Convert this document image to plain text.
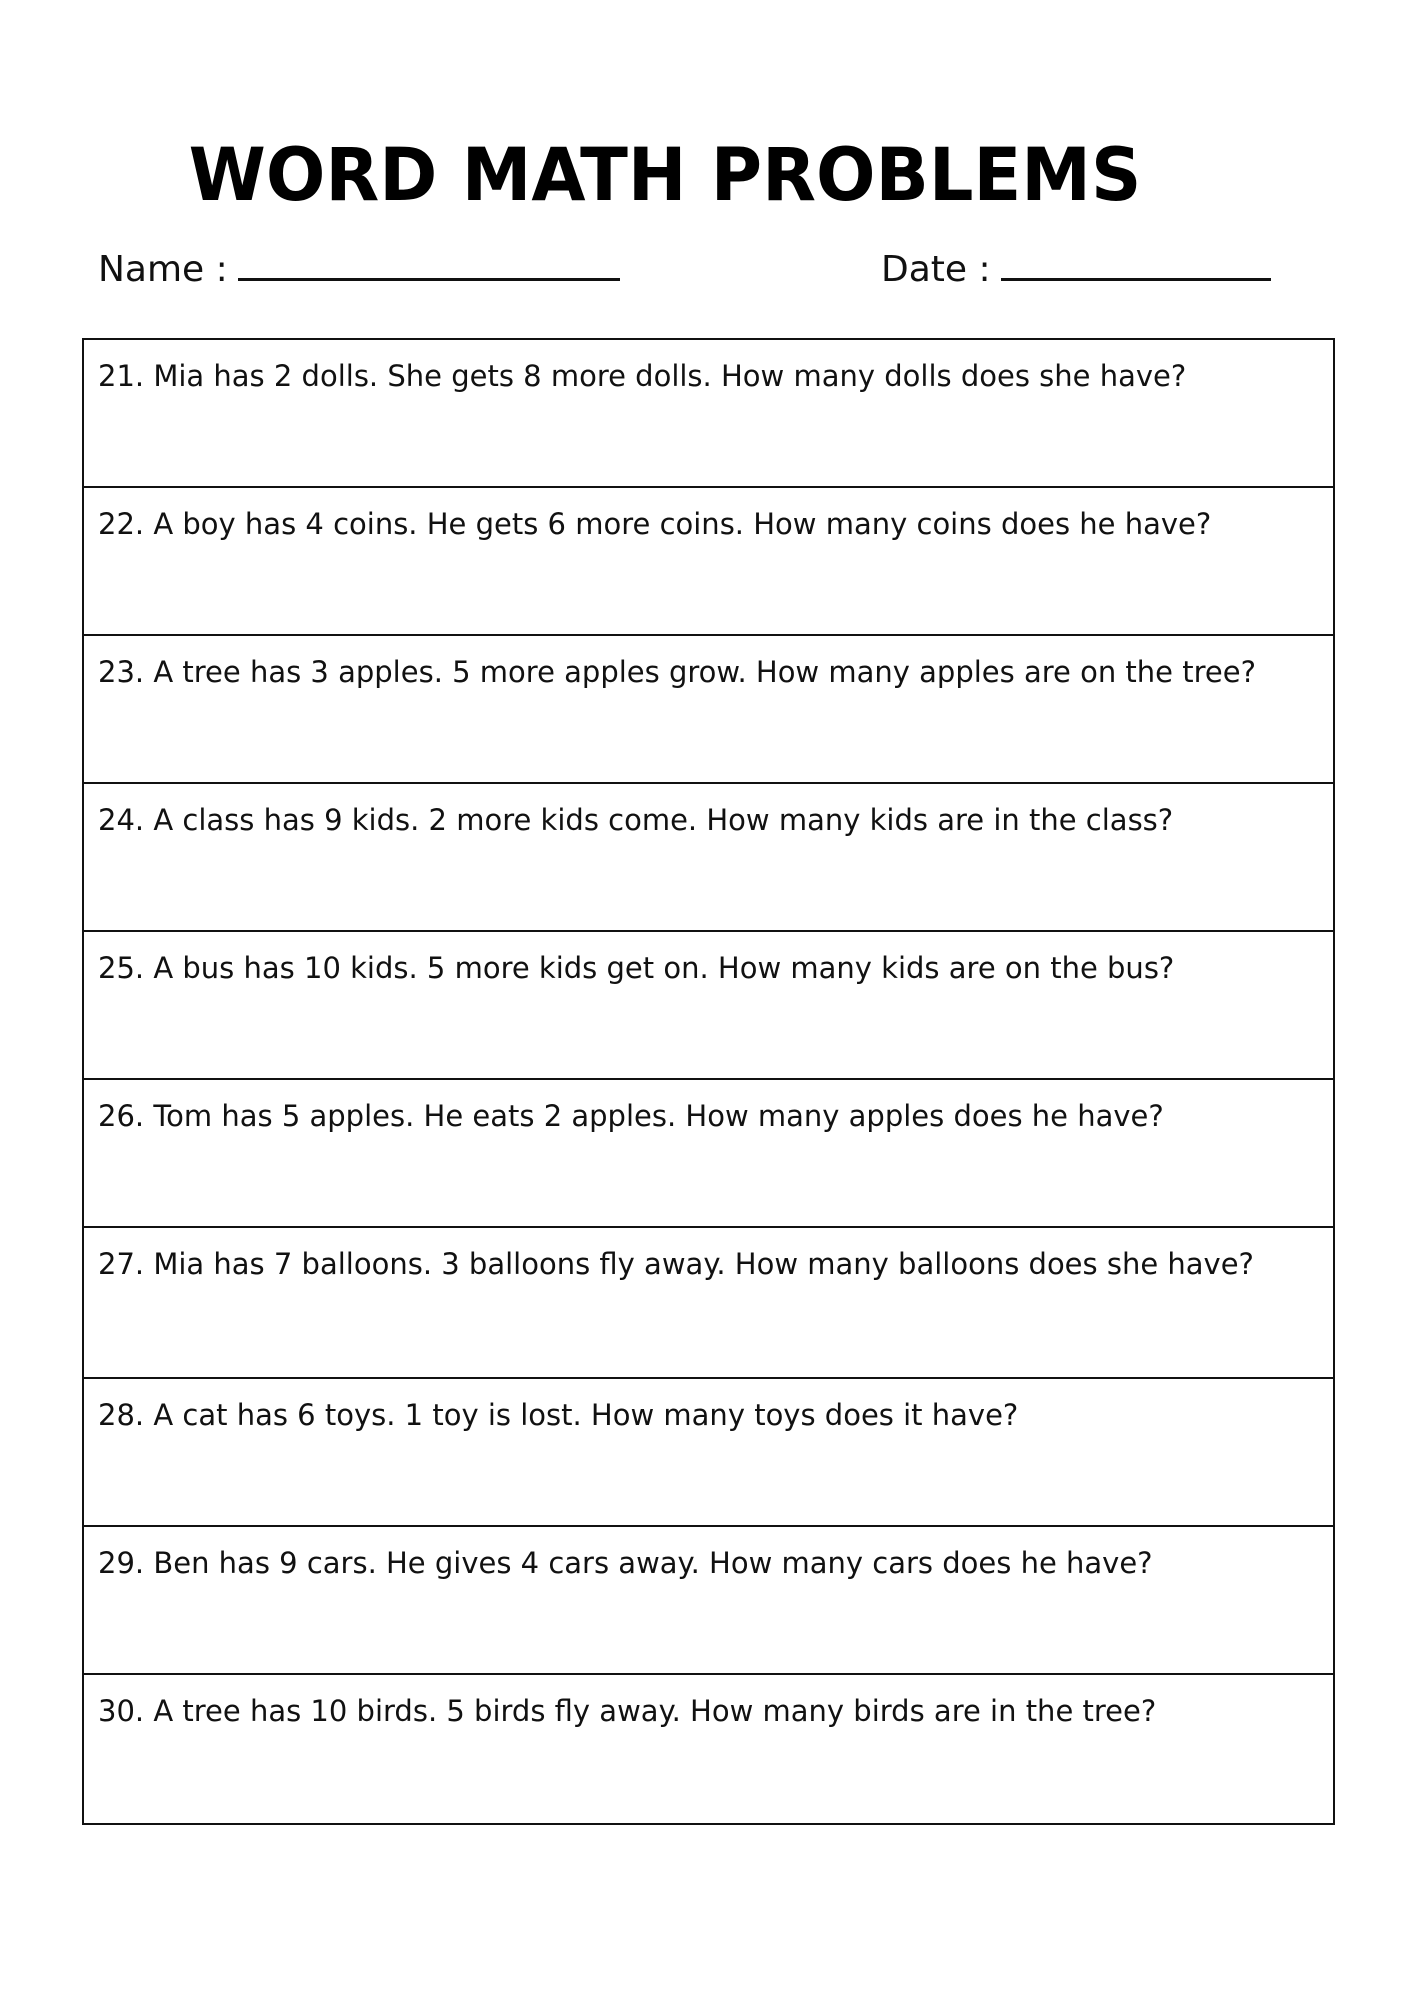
WORD MATH PROBLEMS
Name :	Date :
21. Mia has 2 dolls. She gets 8 more dolls. How many dolls does she have?
22. A boy has 4 coins. He gets 6 more coins. How many coins does he have?
23. A tree has 3 apples. 5 more apples grow. How many apples are on the tree?
24. A class has 9 kids. 2 more kids come. How many kids are in the class?
25. A bus has 10 kids. 5 more kids get on. How many kids are on the bus?
26. Tom has 5 apples. He eats 2 apples. How many apples does he have?
27. Mia has 7 balloons. 3 balloons fly away. How many balloons does she have?
28. A cat has 6 toys. 1 toy is lost. How many toys does it have?
29. Ben has 9 cars. He gives 4 cars away. How many cars does he have?
30. A tree has 10 birds. 5 birds fly away. How many birds are in the tree?
